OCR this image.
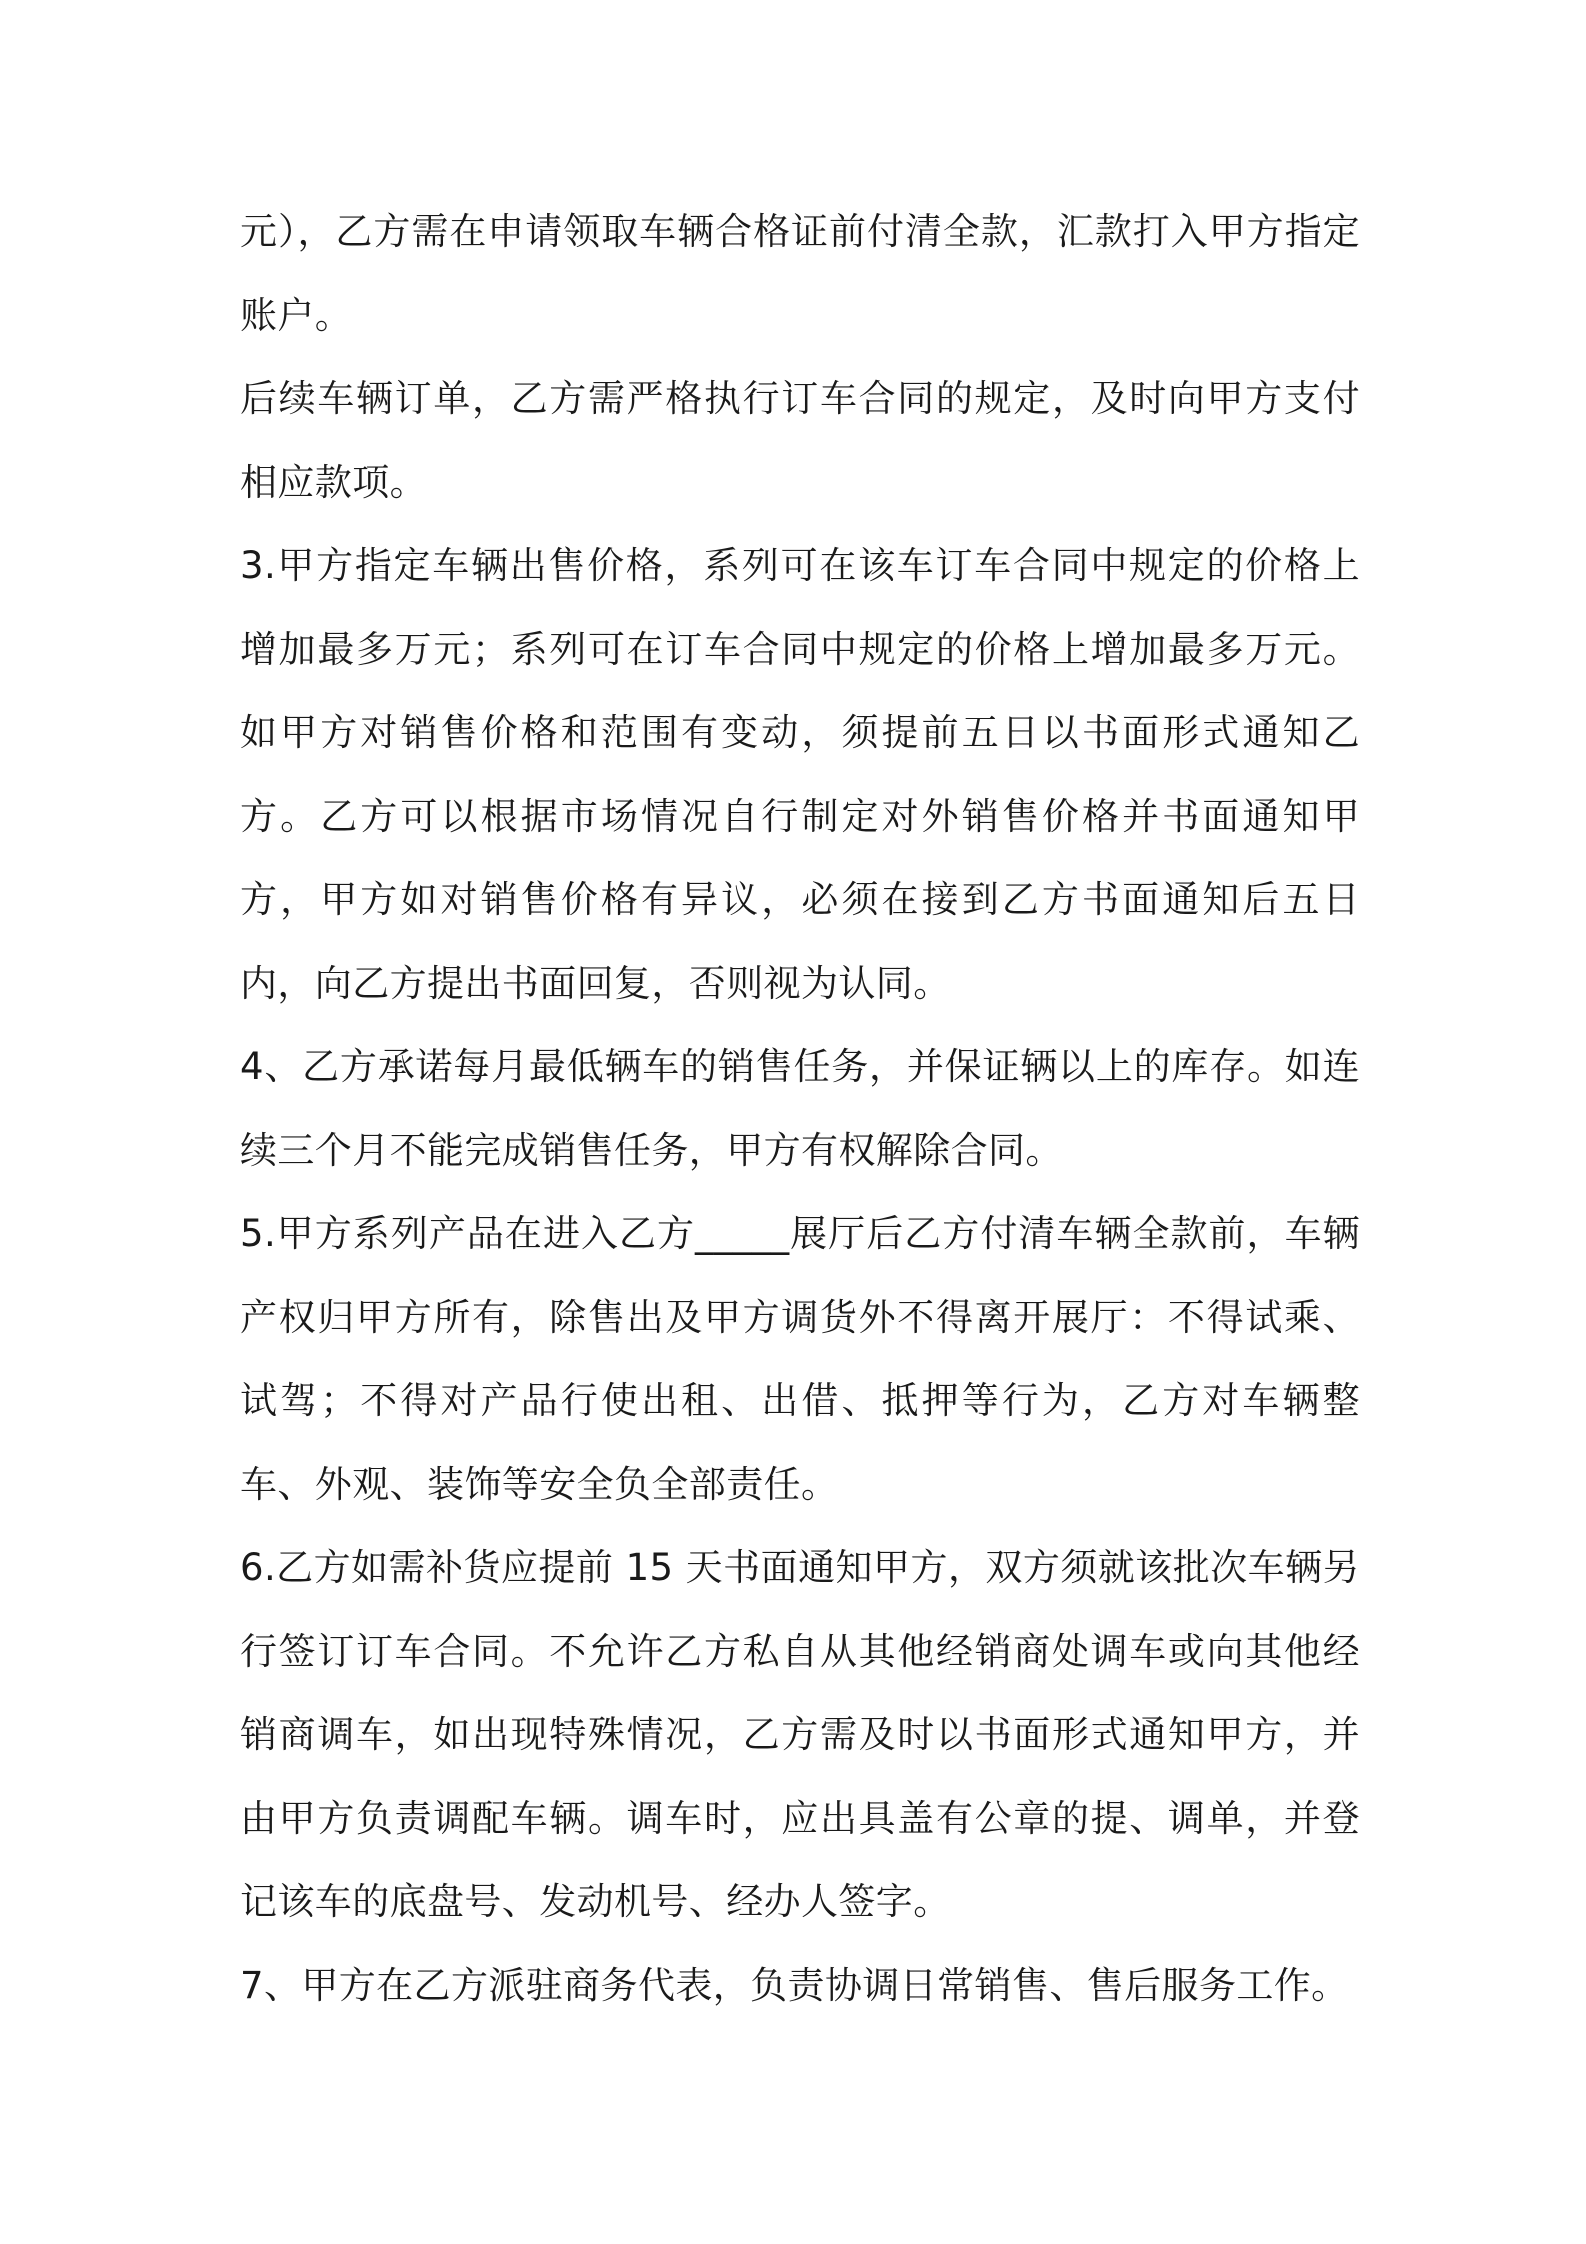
元），乙方需在申请领取车辆合格证前付清全款，汇款打入甲方指定账户。

后续车辆订单，乙方需严格执行订车合同的规定，及时向甲方支付相应款项。

3.甲方指定车辆出售价格，系列可在该车订车合同中规定的价格上增加最多万元；系列可在订车合同中规定的价格上增加最多万元。如甲方对销售价格和范围有变动，须提前五日以书面形式通知乙方。乙方可以根据市场情况自行制定对外销售价格并书面通知甲方，甲方如对销售价格有异议，必须在接到乙方书面通知后五日内，向乙方提出书面回复，否则视为认同。

4、乙方承诺每月最低辆车的销售任务，并保证辆以上的库存。如连续三个月不能完成销售任务，甲方有权解除合同。

5.甲方系列产品在进入乙方_____展厅后乙方付清车辆全款前，车辆产权归甲方所有，除售出及甲方调货外不得离开展厅：不得试乘、试驾；不得对产品行使出租、出借、抵押等行为，乙方对车辆整车、外观、装饰等安全负全部责任。

6.乙方如需补货应提前 15 天书面通知甲方，双方须就该批次车辆另行签订订车合同。不允许乙方私自从其他经销商处调车或向其他经销商调车，如出现特殊情况，乙方需及时以书面形式通知甲方，并由甲方负责调配车辆。调车时，应出具盖有公章的提、调单，并登记该车的底盘号、发动机号、经办人签字。

7、甲方在乙方派驻商务代表，负责协调日常销售、售后服务工作。
